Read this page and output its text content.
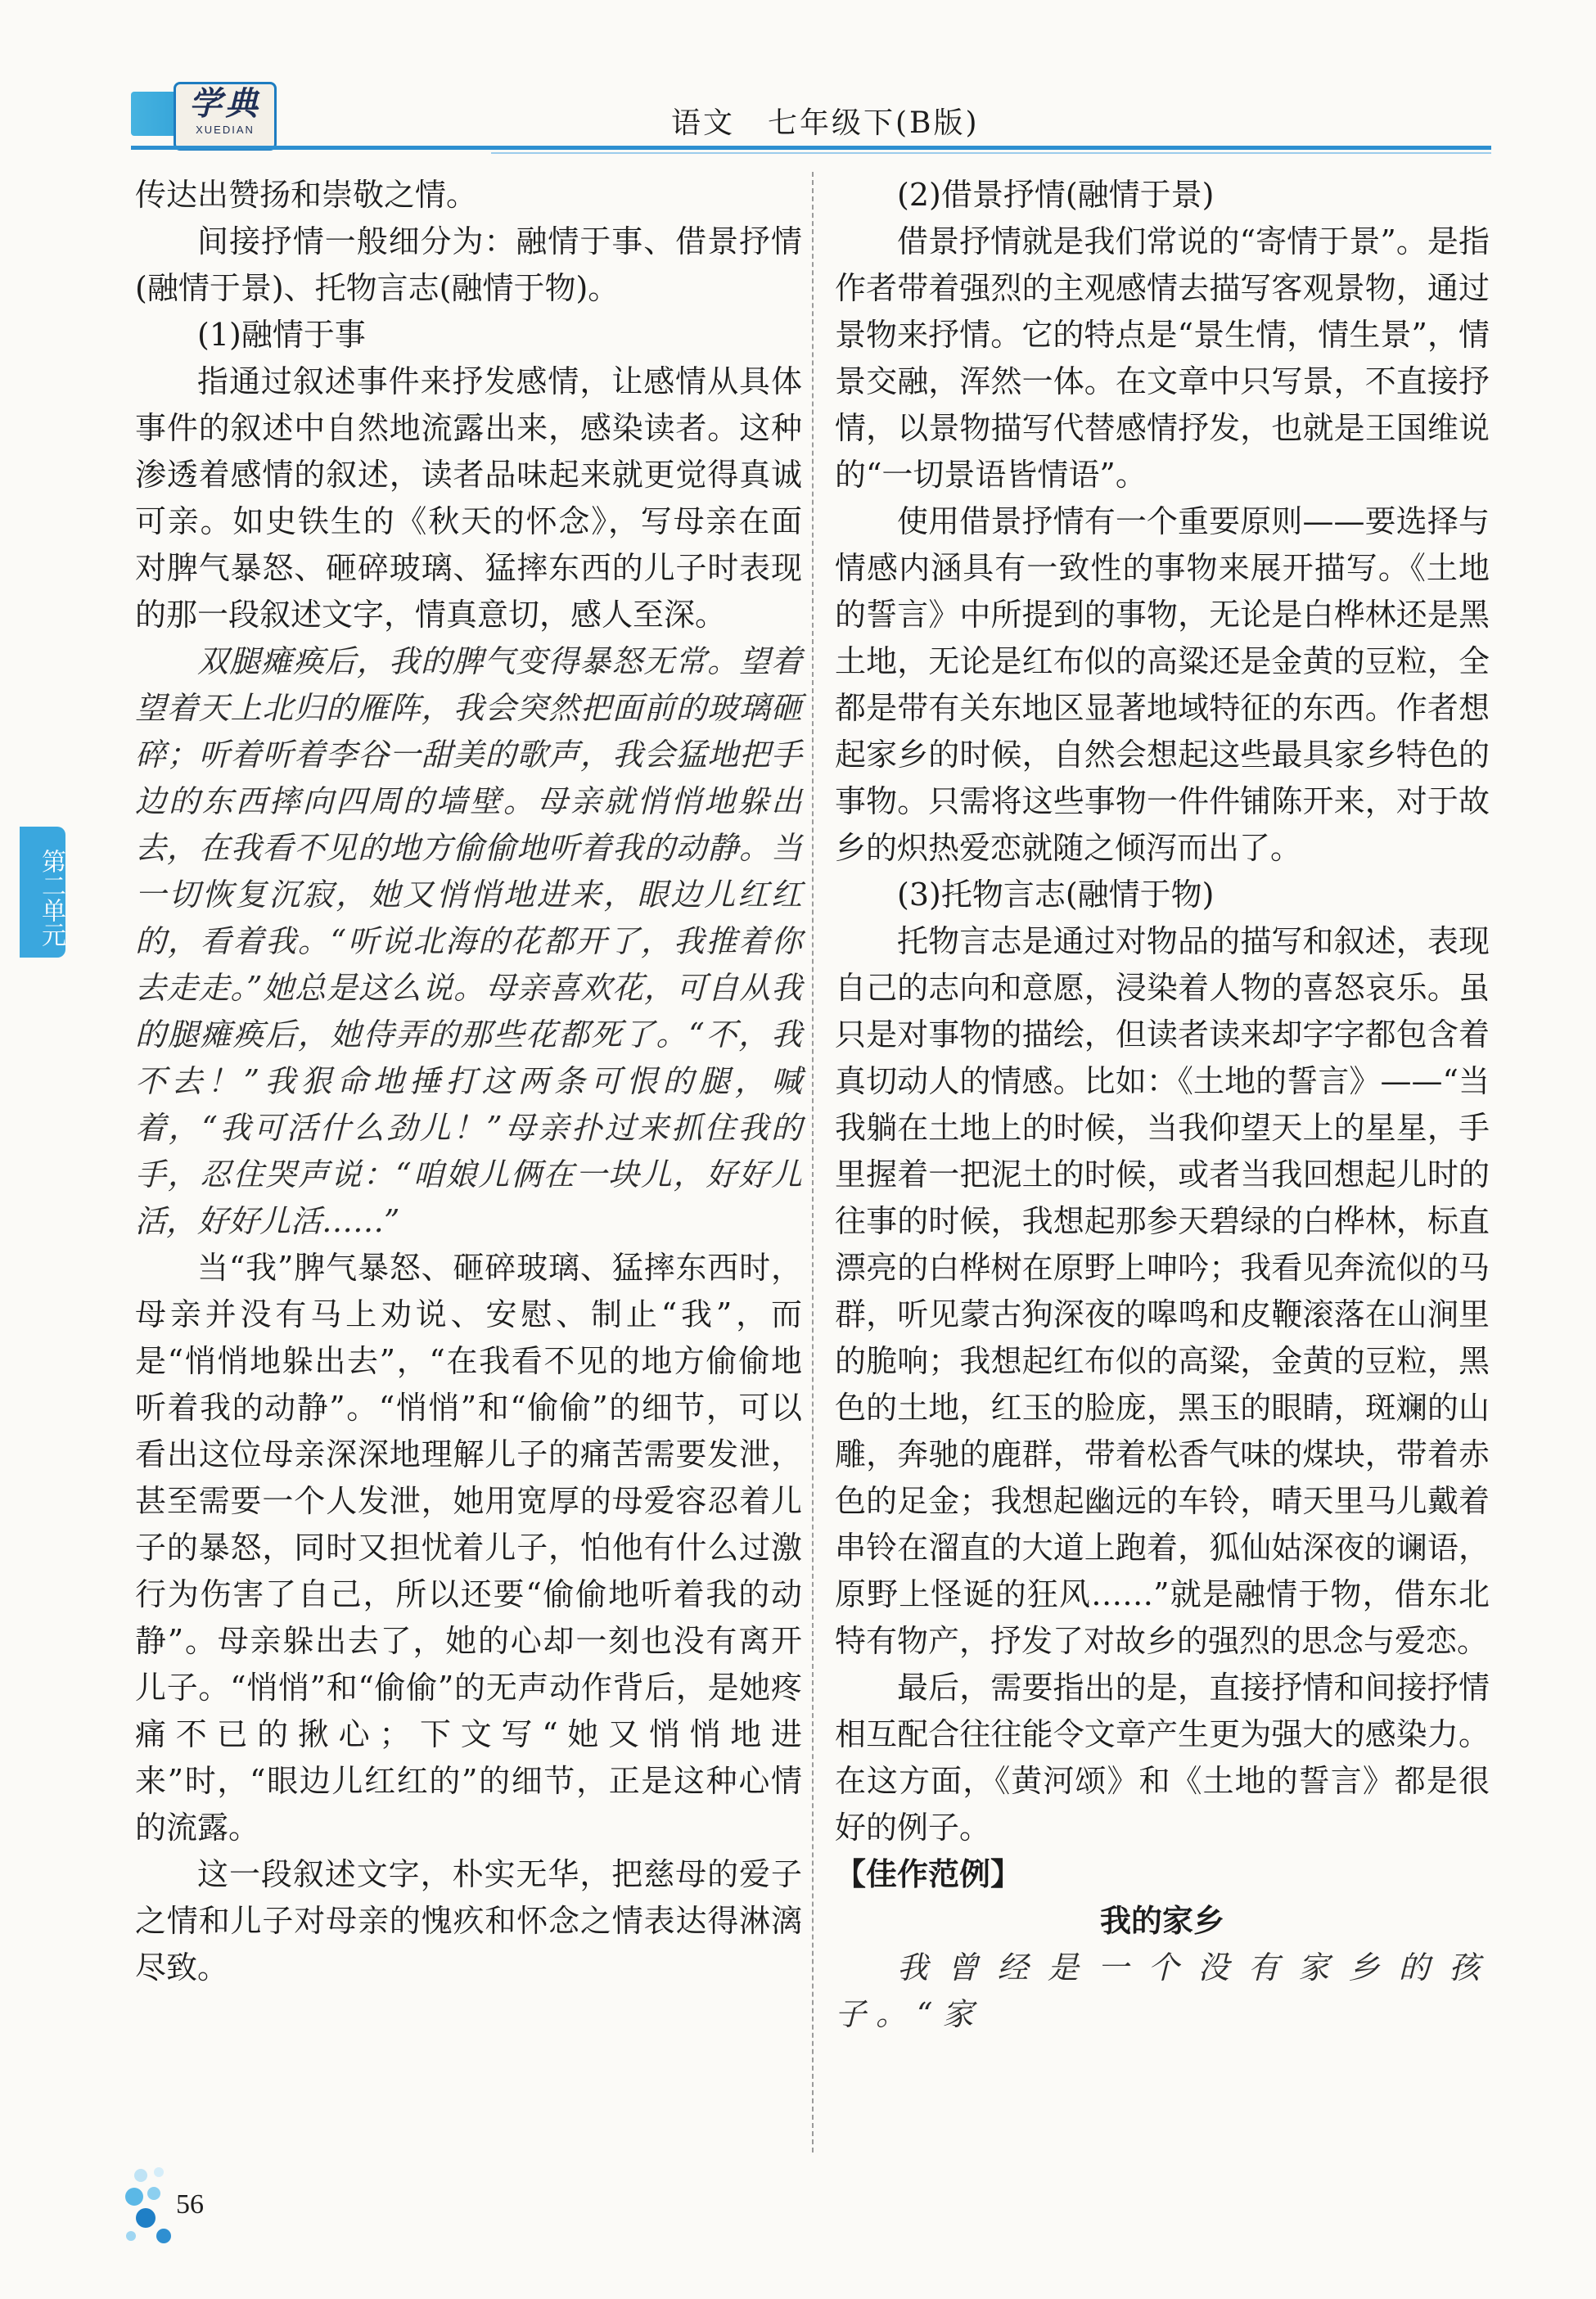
学典
XUEDIAN	语文 七年级下(B版)
第二单元

传达出赞扬和崇敬之情。

间接抒情一般细分为：融情于事、借景抒情(融情于景)、托物言志(融情于物)。

(1)融情于事

指通过叙述事件来抒发感情，让感情从具体事件的叙述中自然地流露出来，感染读者。这种渗透着感情的叙述，读者品味起来就更觉得真诚可亲。如史铁生的《秋天的怀念》，写母亲在面对脾气暴怒、砸碎玻璃、猛摔东西的儿子时表现的那一段叙述文字，情真意切，感人至深。

双腿瘫痪后，我的脾气变得暴怒无常。望着望着天上北归的雁阵，我会突然把面前的玻璃砸碎；听着听着李谷一甜美的歌声，我会猛地把手边的东西摔向四周的墙壁。母亲就悄悄地躲出去，在我看不见的地方偷偷地听着我的动静。当一切恢复沉寂，她又悄悄地进来，眼边儿红红的，看着我。“听说北海的花都开了，我推着你去走走。”她总是这么说。母亲喜欢花，可自从我的腿瘫痪后，她侍弄的那些花都死了。“不，我不去！”我狠命地捶打这两条可恨的腿，喊着，“我可活什么劲儿！”母亲扑过来抓住我的手，忍住哭声说：“咱娘儿俩在一块儿，好好儿活，好好儿活……”

当“我”脾气暴怒、砸碎玻璃、猛摔东西时，母亲并没有马上劝说、安慰、制止“我”，而是“悄悄地躲出去”，“在我看不见的地方偷偷地听着我的动静”。“悄悄”和“偷偷”的细节，可以看出这位母亲深深地理解儿子的痛苦需要发泄，甚至需要一个人发泄，她用宽厚的母爱容忍着儿子的暴怒，同时又担忧着儿子，怕他有什么过激行为伤害了自己，所以还要“偷偷地听着我的动静”。母亲躲出去了，她的心却一刻也没有离开儿子。“悄悄”和“偷偷”的无声动作背后，是她疼痛不已的揪心；下文写“她又悄悄地进来”时，“眼边儿红红的”的细节，正是这种心情的流露。

这一段叙述文字，朴实无华，把慈母的爱子之情和儿子对母亲的愧疚和怀念之情表达得淋漓尽致。

(2)借景抒情(融情于景)

借景抒情就是我们常说的“寄情于景”。是指作者带着强烈的主观感情去描写客观景物，通过景物来抒情。它的特点是“景生情，情生景”，情景交融，浑然一体。在文章中只写景，不直接抒情，以景物描写代替感情抒发，也就是王国维说的“一切景语皆情语”。

使用借景抒情有一个重要原则——要选择与情感内涵具有一致性的事物来展开描写。《土地的誓言》中所提到的事物，无论是白桦林还是黑土地，无论是红布似的高粱还是金黄的豆粒，全都是带有关东地区显著地域特征的东西。作者想起家乡的时候，自然会想起这些最具家乡特色的事物。只需将这些事物一件件铺陈开来，对于故乡的炽热爱恋就随之倾泻而出了。

(3)托物言志(融情于物)

托物言志是通过对物品的描写和叙述，表现自己的志向和意愿，浸染着人物的喜怒哀乐。虽只是对事物的描绘，但读者读来却字字都包含着真切动人的情感。比如：《土地的誓言》——“当我躺在土地上的时候，当我仰望天上的星星，手里握着一把泥土的时候，或者当我回想起儿时的往事的时候，我想起那参天碧绿的白桦林，标直漂亮的白桦树在原野上呻吟；我看见奔流似的马群，听见蒙古狗深夜的嗥鸣和皮鞭滚落在山涧里的脆响；我想起红布似的高粱，金黄的豆粒，黑色的土地，红玉的脸庞，黑玉的眼睛，斑斓的山雕，奔驰的鹿群，带着松香气味的煤块，带着赤色的足金；我想起幽远的车铃，晴天里马儿戴着串铃在溜直的大道上跑着，狐仙姑深夜的谰语，原野上怪诞的狂风……”就是融情于物，借东北特有物产，抒发了对故乡的强烈的思念与爱恋。

最后，需要指出的是，直接抒情和间接抒情相互配合往往能令文章产生更为强大的感染力。在这方面，《黄河颂》和《土地的誓言》都是很好的例子。

【佳作范例】

我的家乡

我曾经是一个没有家乡的孩子。“家

56
